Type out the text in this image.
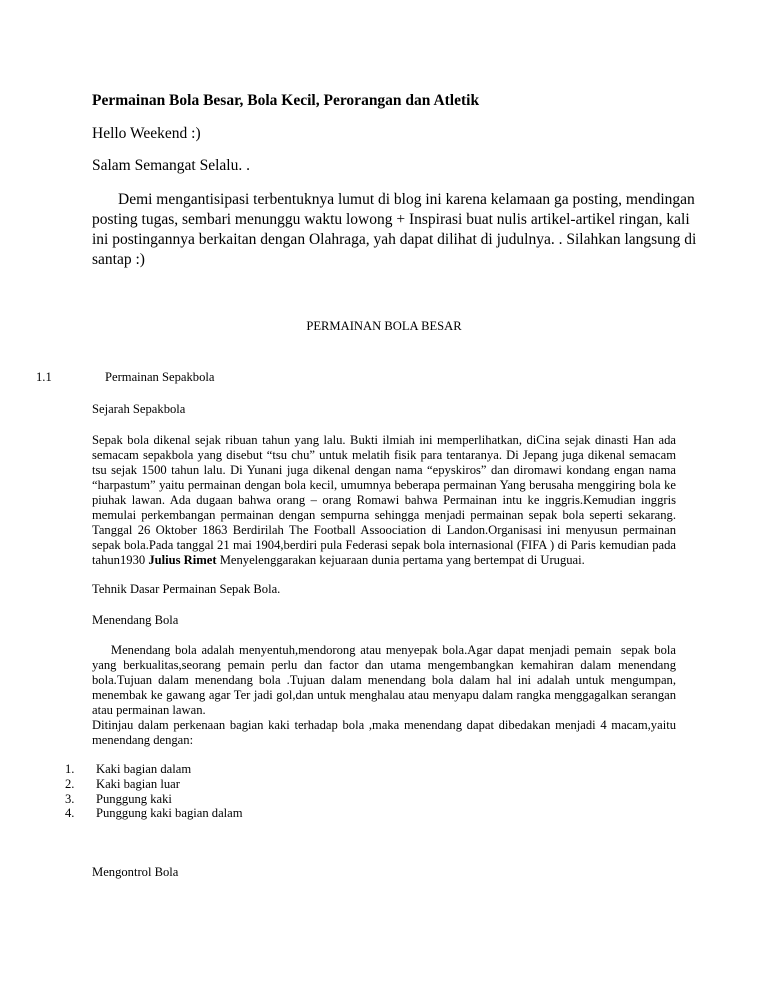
Permainan Bola Besar, Bola Kecil, Perorangan dan Atletik
Hello Weekend :)
Salam Semangat Selalu. .
Demi mengantisipasi terbentuknya lumut di blog ini karena kelamaan ga posting, mendingan
posting tugas, sembari menunggu waktu lowong + Inspirasi buat nulis artikel-artikel ringan, kali
ini postingannya berkaitan dengan Olahraga, yah dapat dilihat di judulnya. . Silahkan langsung di
santap :)
PERMAINAN BOLA BESAR
1.1	Permainan Sepakbola
Sejarah Sepakbola
Sepak bola dikenal sejak ribuan tahun yang lalu. Bukti ilmiah ini memperlihatkan, diCina sejak dinasti Han ada
semacam sepakbola yang disebut “tsu chu” untuk melatih fisik para tentaranya. Di Jepang juga dikenal semacam
tsu sejak 1500 tahun lalu. Di Yunani juga dikenal dengan nama “epyskiros” dan diromawi kondang engan nama
“harpastum” yaitu permainan dengan bola kecil, umumnya beberapa permainan Yang berusaha menggiring bola ke
piuhak lawan. Ada dugaan bahwa orang – orang Romawi bahwa Permainan intu ke inggris.Kemudian inggris
memulai perkembangan permainan dengan sempurna sehingga menjadi permainan sepak bola seperti sekarang.
Tanggal 26 Oktober 1863 Berdirilah The Football Assoociation di Landon.Organisasi ini menyusun permainan
sepak bola.Pada tanggal 21 mai 1904,berdiri pula Federasi sepak bola internasional (FIFA ) di Paris kemudian pada
tahun1930 Julius Rimet Menyelenggarakan kejuaraan dunia pertama yang bertempat di Uruguai.
Tehnik Dasar Permainan Sepak Bola.
Menendang Bola
Menendang bola adalah menyentuh,mendorong atau menyepak bola.Agar dapat menjadi pemain  sepak bola
yang berkualitas,seorang pemain perlu dan factor dan utama mengembangkan kemahiran dalam menendang
bola.Tujuan dalam menendang bola .Tujuan dalam menendang bola dalam hal ini adalah untuk mengumpan,
menembak ke gawang agar Ter jadi gol,dan untuk menghalau atau menyapu dalam rangka menggagalkan serangan
atau permainan lawan.
Ditinjau dalam perkenaan bagian kaki terhadap bola ,maka menendang dapat dibedakan menjadi 4 macam,yaitu
menendang dengan:
1. Kaki bagian dalam
2. Kaki bagian luar
3. Punggung kaki
4. Punggung kaki bagian dalam
Mengontrol Bola
